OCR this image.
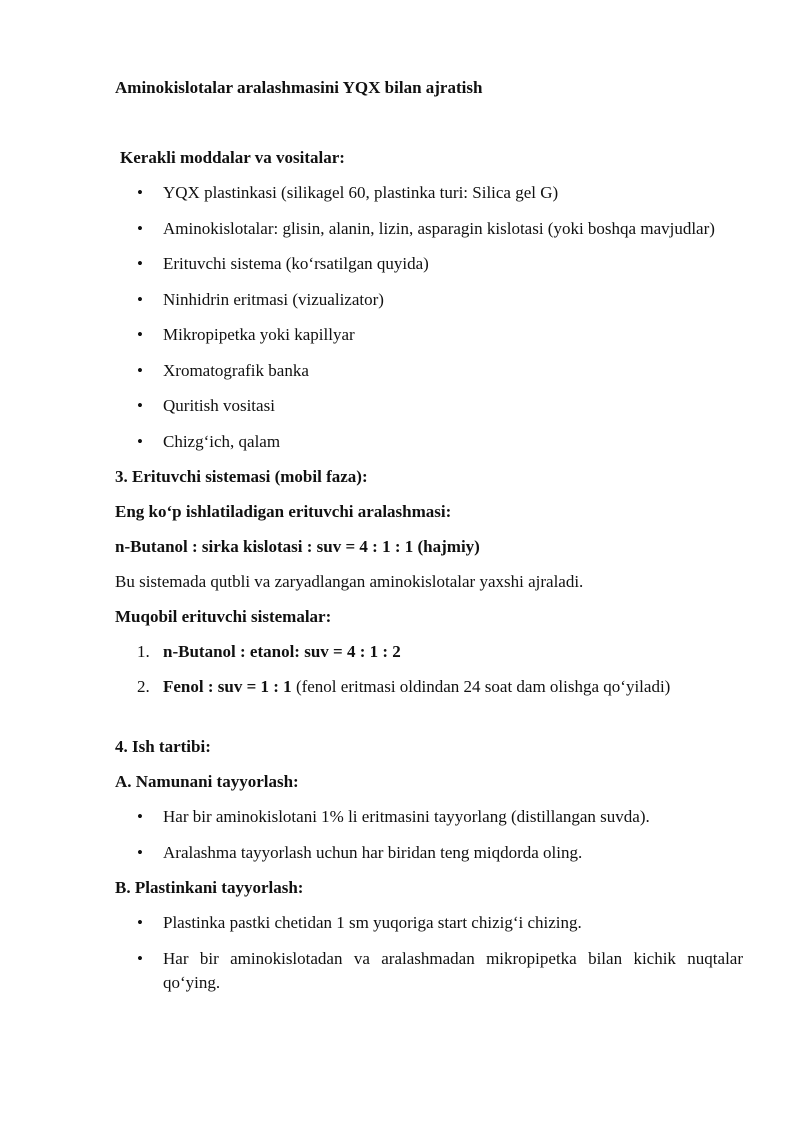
Aminokislotalar aralashmasini YQX bilan ajratish

Kerakli moddalar va vositalar:

• YQX plastinkasi (silikagel 60, plastinka turi: Silica gel G)
• Aminokislotalar: glisin, alanin, lizin, asparagin kislotasi (yoki boshqa mavjudlar)
• Erituvchi sistema (ko‘rsatilgan quyida)
• Ninhidrin eritmasi (vizualizator)
• Mikropipetka yoki kapillyar
• Xromatografik banka
• Quritish vositasi
• Chizg‘ich, qalam

3. Erituvchi sistemasi (mobil faza):

Eng ko‘p ishlatiladigan erituvchi aralashmasi:

n-Butanol : sirka kislotasi : suv = 4 : 1 : 1 (hajmiy)

Bu sistemada qutbli va zaryadlangan aminokislotalar yaxshi ajraladi.

Muqobil erituvchi sistemalar:

1. n-Butanol : etanol: suv = 4 : 1 : 2
2. Fenol : suv = 1 : 1 (fenol eritmasi oldindan 24 soat dam olishga qo‘yiladi)

4. Ish tartibi:

A. Namunani tayyorlash:

• Har bir aminokislotani 1% li eritmasini tayyorlang (distillangan suvda).
• Aralashma tayyorlash uchun har biridan teng miqdorda oling.

B. Plastinkani tayyorlash:

• Plastinka pastki chetidan 1 sm yuqoriga start chizig‘i chizing.
• Har bir aminokislotadan va aralashmadan mikropipetka bilan kichik nuqtalar qo‘ying.
